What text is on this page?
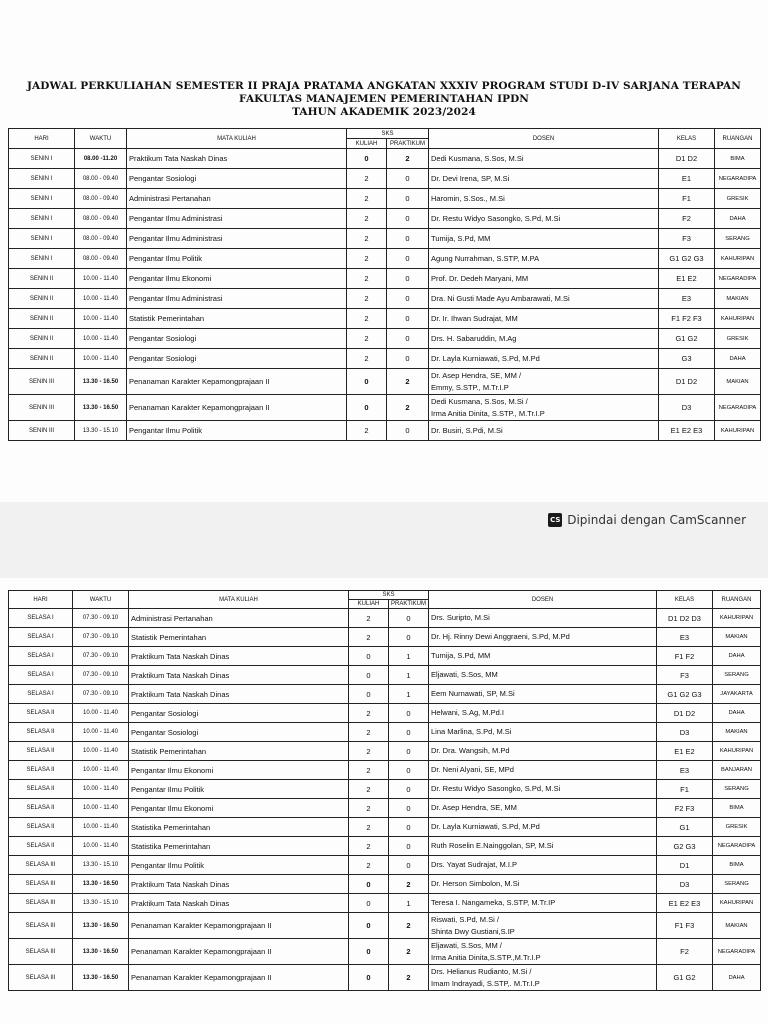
JADWAL PERKULIAHAN SEMESTER II PRAJA PRATAMA ANGKATAN XXXIV PROGRAM STUDI D-IV SARJANA TERAPAN
FAKULTAS MANAJEMEN PEMERINTAHAN IPDN
TAHUN AKADEMIK 2023/2024
HARI	WAKTU	MATA KULIAH	SKS		DOSEN	KELAS	RUANGAN
			KULIAH	PRAKTIKUM			
SENIN I	08.00 -11.20	Praktikum Tata Naskah Dinas	0	2	Dedi Kusmana, S.Sos, M.Si	D1 D2	BIMA
SENIN I	08.00 - 09.40	Pengantar Sosiologi	2	0	Dr. Devi Irena, SP, M.Si	E1	NEGARADIPA
SENIN I	08.00 - 09.40	Administrasi Pertanahan	2	0	Haromin, S.Sos., M.Si	F1	GRESIK
SENIN I	08.00 - 09.40	Pengantar Ilmu Administrasi	2	0	Dr. Restu Widyo Sasongko, S.Pd, M.Si	F2	DAHA
SENIN I	08.00 - 09.40	Pengantar Ilmu Administrasi	2	0	Tumija, S.Pd, MM	F3	SERANG
SENIN I	08.00 - 09.40	Pengantar Ilmu Politik	2	0	Agung Nurrahman, S.STP, M.PA	G1 G2 G3	KAHURIPAN
SENIN II	10.00 - 11.40	Pengantar Ilmu Ekonomi	2	0	Prof. Dr. Dedeh Maryani, MM	E1 E2	NEGARADIPA
SENIN II	10.00 - 11.40	Pengantar Ilmu Administrasi	2	0	Dra. Ni Gusti Made Ayu Ambarawati, M.Si	E3	MAKIAN
SENIN II	10.00 - 11.40	Statistik Pemerintahan	2	0	Dr. Ir. Ihwan Sudrajat, MM	F1 F2 F3	KAHURIPAN
SENIN II	10.00 - 11.40	Pengantar Sosiologi	2	0	Drs. H. Sabaruddin, M.Ag	G1 G2	GRESIK
SENIN II	10.00 - 11.40	Pengantar Sosiologi	2	0	Dr. Layla Kurniawati, S.Pd, M.Pd	G3	DAHA
SENIN III	13.30 - 16.50	Penanaman Karakter Kepamongprajaan II	0	2	Dr. Asep Hendra, SE, MM /
Emmy, S.STP., M.Tr.I.P	D1 D2	MAKIAN
SENIN III	13.30 - 16.50	Penanaman Karakter Kepamongprajaan II	0	2	Dedi Kusmana, S.Sos, M.Si /
Irma Anitia Dinita, S.STP., M.Tr.I.P	D3	NEGARADIPA
SENIN III	13.30 - 15.10	Pengantar Ilmu Politik	2	0	Dr. Busiri, S.Pdi, M.Si	E1 E2 E3	KAHURIPAN
CS Dipindai dengan CamScanner
HARI	WAKTU	MATA KULIAH	SKS		DOSEN	KELAS	RUANGAN
			KULIAH	PRAKTIKUM			
SELASA I	07.30 - 09.10	Administrasi Pertanahan	2	0	Drs. Suripto, M.Si	D1 D2 D3	KAHURIPAN
SELASA I	07.30 - 09.10	Statistik Pemerintahan	2	0	Dr. Hj. Rinny Dewi Anggraeni, S.Pd, M.Pd	E3	MAKIAN
SELASA I	07.30 - 09.10	Praktikum Tata Naskah Dinas	0	1	Tumija, S.Pd, MM	F1 F2	DAHA
SELASA I	07.30 - 09.10	Praktikum Tata Naskah Dinas	0	1	Eljawati, S.Sos, MM	F3	SERANG
SELASA I	07.30 - 09.10	Praktikum Tata Naskah Dinas	0	1	Eem Nurnawati, SP, M.Si	G1 G2 G3	JAYAKARTA
SELASA II	10.00 - 11.40	Pengantar Sosiologi	2	0	Helwani, S.Ag, M.Pd.I	D1 D2	DAHA
SELASA II	10.00 - 11.40	Pengantar Sosiologi	2	0	Lina Marlina, S.Pd, M.Si	D3	MAKIAN
SELASA II	10.00 - 11.40	Statistik Pemerintahan	2	0	Dr. Dra. Wangsih, M.Pd	E1 E2	KAHURIPAN
SELASA II	10.00 - 11.40	Pengantar Ilmu Ekonomi	2	0	Dr. Neni Alyani, SE, MPd	E3	BANJARAN
SELASA II	10.00 - 11.40	Pengantar Ilmu Politik	2	0	Dr. Restu Widyo Sasongko, S.Pd, M.Si	F1	SERANG
SELASA II	10.00 - 11.40	Pengantar Ilmu Ekonomi	2	0	Dr. Asep Hendra, SE, MM	F2 F3	BIMA
SELASA II	10.00 - 11.40	Statistika Pemerintahan	2	0	Dr. Layla Kurniawati, S.Pd, M.Pd	G1	GRESIK
SELASA II	10.00 - 11.40	Statistika Pemerintahan	2	0	Ruth Roselin E.Nainggolan, SP, M.Si	G2 G3	NEGARADIPA
SELASA III	13.30 - 15.10	Pengantar Ilmu Politik	2	0	Drs. Yayat Sudrajat, M.I.P	D1	BIMA
SELASA III	13.30 - 16.50	Praktikum Tata Naskah Dinas	0	2	Dr. Herson Simbolon, M.Si	D3	SERANG
SELASA III	13.30 - 15.10	Praktikum Tata Naskah Dinas	0	1	Teresa I. Nangameka, S.STP, M.Tr.IP	E1 E2 E3	KAHURIPAN
SELASA III	13.30 - 16.50	Penanaman Karakter Kepamongprajaan II	0	2	Riswati, S.Pd, M.Si /
Shinta Dwy Gustiani,S.IP	F1 F3	MAKIAN
SELASA III	13.30 - 16.50	Penanaman Karakter Kepamongprajaan II	0	2	Eljawati, S.Sos, MM /
Irma Anitia Dinita,S.STP.,M.Tr.I.P	F2	NEGARADIPA
SELASA III	13.30 - 16.50	Penanaman Karakter Kepamongprajaan II	0	2	Drs. Helianus Rudianto, M.Si /
Imam Indrayadi, S.STP,. M.Tr.I.P	G1 G2	DAHA
